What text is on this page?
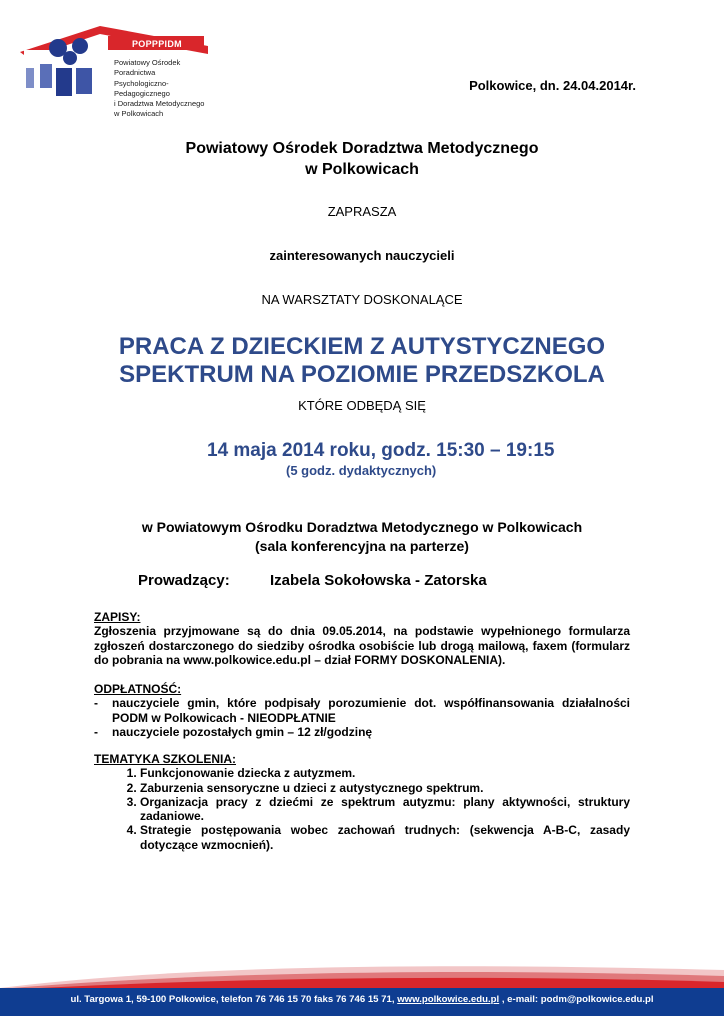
POPPPIDM
Powiatowy Ośrodek Poradnictwa
Psychologiczno-Pedagogicznego
i Doradztwa Metodycznego
w Polkowicach
Polkowice, dn. 24.04.2014r.
Powiatowy Ośrodek Doradztwa Metodycznego
w Polkowicach
ZAPRASZA
zainteresowanych nauczycieli
NA WARSZTATY DOSKONALĄCE
PRACA Z DZIECKIEM Z AUTYSTYCZNEGO
SPEKTRUM NA POZIOMIE PRZEDSZKOLA
KTÓRE ODBĘDĄ SIĘ
14 maja 2014 roku, godz. 15:30 – 19:15
(5 godz. dydaktycznych)
w Powiatowym Ośrodku Doradztwa Metodycznego w Polkowicach
(sala konferencyjna na parterze)
Prowadzący:	Izabela Sokołowska - Zatorska
ZAPISY:
Zgłoszenia przyjmowane są do dnia 09.05.2014, na podstawie wypełnionego formularza zgłoszeń dostarczonego do siedziby ośrodka osobiście lub drogą mailową, faxem (formularz do pobrania na www.polkowice.edu.pl – dział FORMY DOSKONALENIA).
ODPŁATNOŚĆ:
-	nauczyciele gmin, które podpisały porozumienie dot. współfinansowania działalności PODM w Polkowicach - NIEODPŁATNIE
-	nauczyciele pozostałych gmin – 12 zł/godzinę
TEMATYKA SZKOLENIA:
1. Funkcjonowanie dziecka z autyzmem.
2. Zaburzenia sensoryczne u dzieci z autystycznego spektrum.
3. Organizacja pracy z dziećmi ze spektrum autyzmu: plany aktywności, struktury zadaniowe.
4. Strategie postępowania wobec zachowań trudnych: (sekwencja A-B-C, zasady dotyczące wzmocnień).
ul. Targowa 1, 59-100 Polkowice, telefon 76 746 15 70 faks 76 746 15 71, www.polkowice.edu.pl , e-mail: podm@polkowice.edu.pl
